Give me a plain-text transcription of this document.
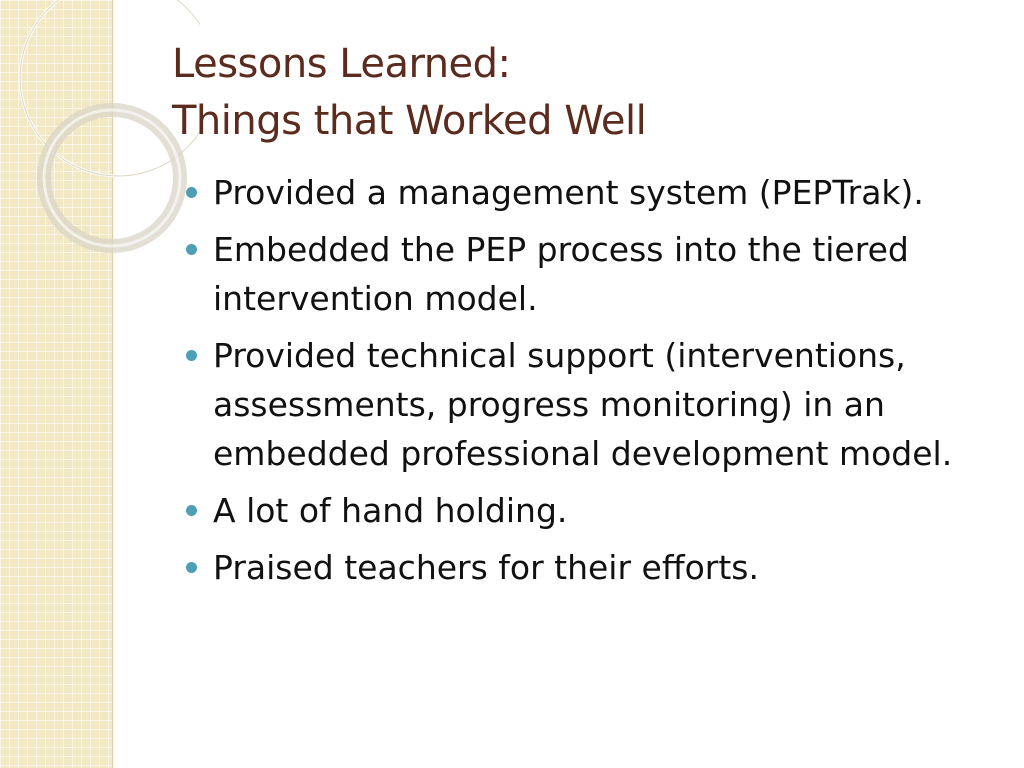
Lessons Learned:
Things that Worked Well
Provided a management system (PEPTrak).
Embedded the PEP process into the tiered intervention model.
Provided technical support (interventions, assessments, progress monitoring) in an embedded professional development model.
A lot of hand holding.
Praised teachers for their efforts.
